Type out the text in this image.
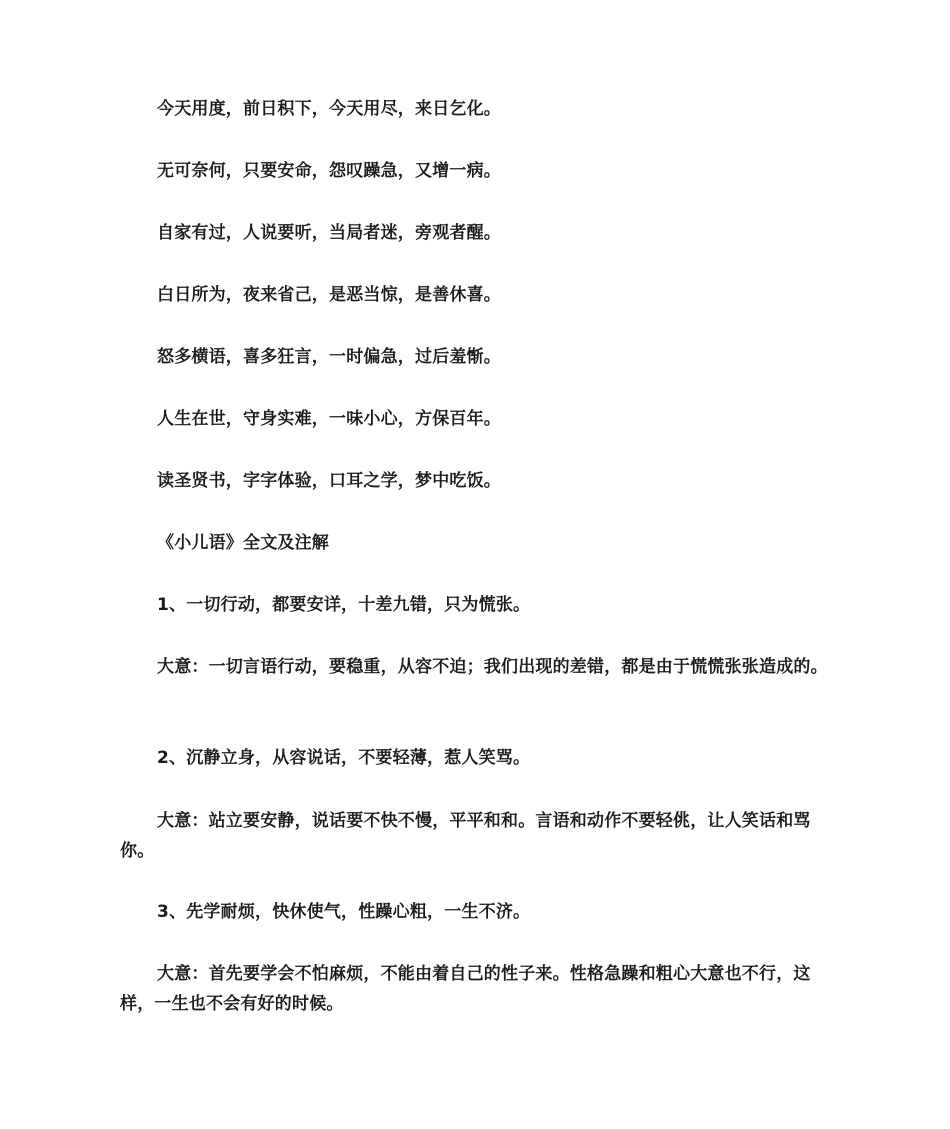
今天用度，前日积下，今天用尽，来日乞化。

无可奈何，只要安命，怨叹躁急，又增一病。

自家有过，人说要听，当局者迷，旁观者醒。

白日所为，夜来省己，是恶当惊，是善休喜。

怒多横语，喜多狂言，一时偏急，过后羞惭。

人生在世，守身实难，一味小心，方保百年。

读圣贤书，字字体验，口耳之学，梦中吃饭。

《小儿语》全文及注解

1、一切行动，都要安详，十差九错，只为慌张。

大意：一切言语行动，要稳重，从容不迫；我们出现的差错，都是由于慌慌张张造成的。

2、沉静立身，从容说话，不要轻薄，惹人笑骂。

大意：站立要安静，说话要不快不慢，平平和和。言语和动作不要轻佻，让人笑话和骂你。

3、先学耐烦，快休使气，性躁心粗，一生不济。

大意：首先要学会不怕麻烦，不能由着自己的性子来。性格急躁和粗心大意也不行，这样，一生也不会有好的时候。
